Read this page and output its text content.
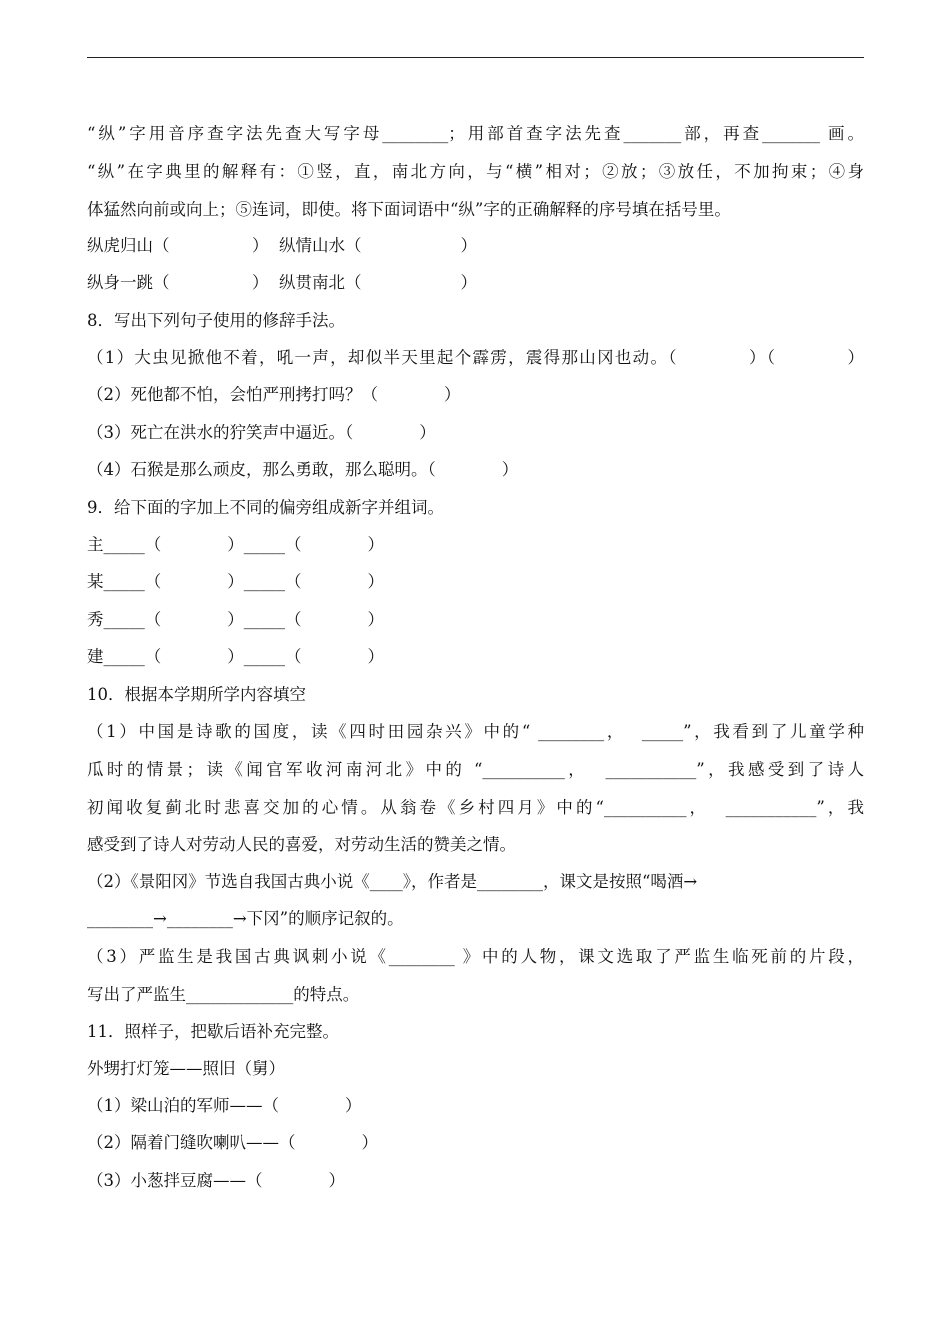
“纵”字用音序查字法先查大写字母________；用部首查字法先查_______部，再查_______ 画。
“纵”在字典里的解释有：①竖，直，南北方向，与“横”相对；②放；③放任，不加拘束；④身
体猛然向前或向上；⑤连词，即使。将下面词语中“纵”字的正确解释的序号填在括号里。
纵虎归山（　　　　　）  纵情山水（　　　　　　）
纵身一跳（　　　　　）  纵贯南北（　　　　　　）
8．写出下列句子使用的修辞手法。
（1）大虫见掀他不着，吼一声，却似半天里起个霹雳，震得那山冈也动。（　　　　）（　　　　）
（2）死他都不怕，会怕严刑拷打吗？（　　　　）
（3）死亡在洪水的狞笑声中逼近。（　　　　）
（4）石猴是那么顽皮，那么勇敢，那么聪明。（　　　　）
9．给下面的字加上不同的偏旁组成新字并组词。
主_____（　　　　）_____（　　　　）
某_____（　　　　）_____（　　　　）
秀_____（　　　　）_____（　　　　）
建_____（　　　　）_____（　　　　）
10．根据本学期所学内容填空
（1）中国是诗歌的国度，读《四时田园杂兴》中的“ ________，  _____”，我看到了儿童学种
瓜时的情景；读《闻官军收河南河北》中的 “__________，  ___________”，我感受到了诗人
初闻收复蓟北时悲喜交加的心情。从翁卷《乡村四月》中的“__________，  ___________”，我
感受到了诗人对劳动人民的喜爱，对劳动生活的赞美之情。
（2）《景阳冈》节选自我国古典小说《____》，作者是________，课文是按照“喝酒→
________→________→下冈”的顺序记叙的。
（3）严监生是我国古典讽刺小说《________ 》中的人物，课文选取了严监生临死前的片段，
写出了严监生_____________的特点。
11．照样子，把歇后语补充完整。
外甥打灯笼——照旧（舅）
（1）梁山泊的军师——（　　　　）
（2）隔着门缝吹喇叭——（　　　　）
（3）小葱拌豆腐——（　　　　）
